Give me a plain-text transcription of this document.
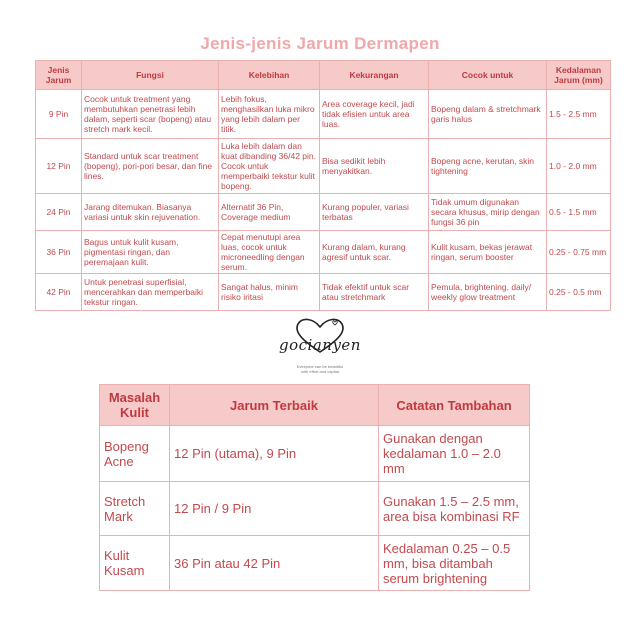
Jenis-jenis Jarum Dermapen
Jenis Jarum	Fungsi	Kelebihan	Kekurangan	Cocok untuk	Kedalaman Jarum (mm)
9 Pin	Cocok untuk treatment yang membutuhkan penetrasi lebih dalam, seperti scar (bopeng) atau stretch mark kecil.	Lebih fokus, menghasilkan luka mikro yang lebih dalam per titik.	Area coverage kecil, jadi tidak efisien untuk area luas.	Bopeng dalam & stretchmark garis halus	1.5 - 2.5 mm
12 Pin	Standard untuk scar treatment (bopeng), pori-pori besar, dan fine lines.	Luka lebih dalam dan kuat dibanding 36/42 pin. Cocok untuk memperbaiki tekstur kulit bopeng.	Bisa sedikit lebih menyakitkan.	Bopeng acne, kerutan, skin tightening	1.0 - 2.0 mm
24 Pin	Jarang ditemukan. Biasanya variasi untuk skin rejuvenation.	Alternatif 36 Pin, Coverage medium	Kurang populer, variasi terbatas	Tidak umum digunakan secara khusus, mirip dengan fungsi 36 pin	0.5 - 1.5 mm
36 Pin	Bagus untuk kulit kusam, pigmentasi ringan, dan peremajaan kulit.	Cepat menutupi area luas, cocok untuk microneedling dengan serum.	Kurang dalam, kurang agresif untuk scar.	Kulit kusam, bekas jerawat ringan, serum booster	0.25 - 0.75 mm
42 Pin	Untuk penetrasi superfisial, mencerahkan dan memperbaiki tekstur ringan.	Sangat halus, minim risiko iritasi	Tidak efektif untuk scar atau stretchmark	Pemula, brightening, daily/ weekly glow treatment	0.25 - 0.5 mm
gocianyen
Everyone can be beautiful
with effort and capital
Masalah Kulit	Jarum Terbaik	Catatan Tambahan
Bopeng Acne	12 Pin (utama), 9 Pin	Gunakan dengan kedalaman 1.0 – 2.0 mm
Stretch Mark	12 Pin / 9 Pin	Gunakan 1.5 – 2.5 mm, area bisa kombinasi RF
Kulit Kusam	36 Pin atau 42 Pin	Kedalaman 0.25 – 0.5 mm, bisa ditambah serum brightening
